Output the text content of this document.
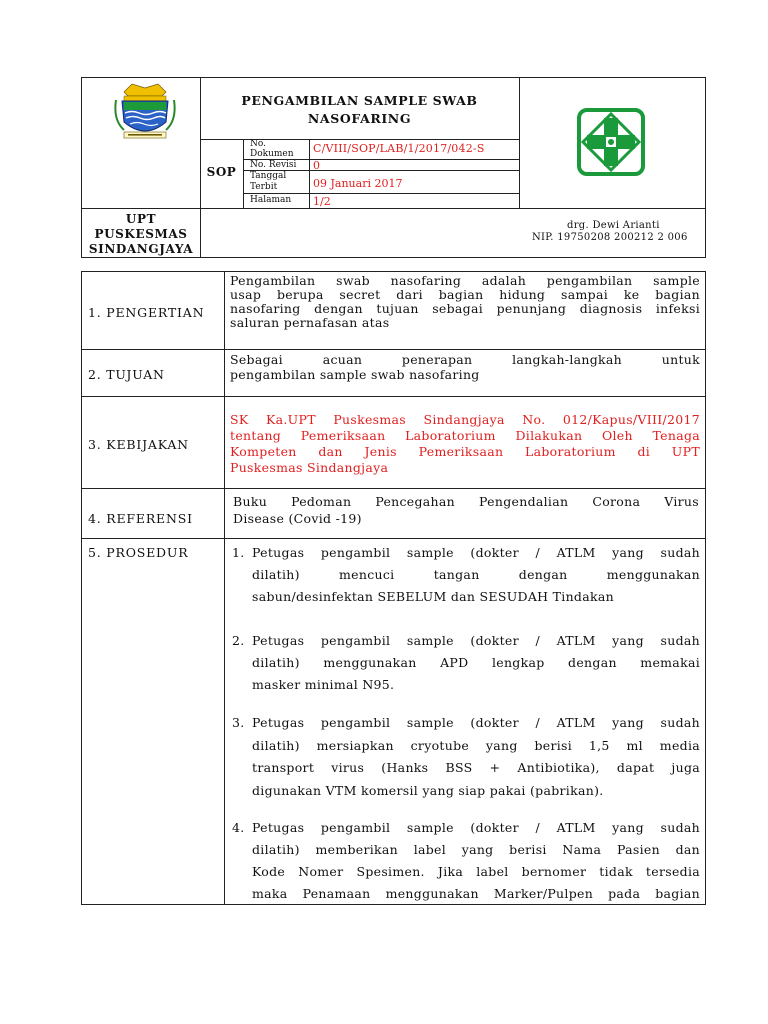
PENGAMBILAN SAMPLE SWAB
NASOFARING
SOP
No.
Dokumen
No. Revisi
Tanggal
Terbit
Halaman
C/VIII/SOP/LAB/1/2017/042-S
0
09 Januari 2017
1/2
UPT
PUSKESMAS
SINDANGJAYA
drg. Dewi Arianti
NIP. 19750208 200212 2 006
1. PENGERTIAN
Pengambilan swab nasofaring adalah pengambilan sample
usap berupa secret dari bagian hidung sampai ke bagian
nasofaring dengan tujuan sebagai penunjang diagnosis infeksi
saluran pernafasan atas
2. TUJUAN
Sebagai acuan penerapan langkah-langkah untuk
pengambilan sample swab nasofaring
3. KEBIJAKAN
SK Ka.UPT Puskesmas Sindangjaya No. 012/Kapus/VIII/2017
tentang Pemeriksaan Laboratorium Dilakukan Oleh Tenaga
Kompeten dan Jenis Pemeriksaan Laboratorium di UPT
Puskesmas Sindangjaya
4. REFERENSI
Buku Pedoman Pencegahan Pengendalian Corona Virus
Disease (Covid -19)
5. PROSEDUR	1. Petugas pengambil sample (dokter / ATLM yang sudah
dilatih) mencuci tangan dengan menggunakan
sabun/desinfektan SEBELUM dan SESUDAH Tindakan
2. Petugas pengambil sample (dokter / ATLM yang sudah
dilatih) menggunakan APD lengkap dengan memakai
masker minimal N95.
3. Petugas pengambil sample (dokter / ATLM yang sudah
dilatih) mersiapkan cryotube yang berisi 1,5 ml media
transport virus (Hanks BSS + Antibiotika), dapat juga
digunakan VTM komersil yang siap pakai (pabrikan).
4. Petugas pengambil sample (dokter / ATLM yang sudah
dilatih) memberikan label yang berisi Nama Pasien dan
Kode Nomer Spesimen. Jika label bernomer tidak tersedia
maka Penamaan menggunakan Marker/Pulpen pada bagian
